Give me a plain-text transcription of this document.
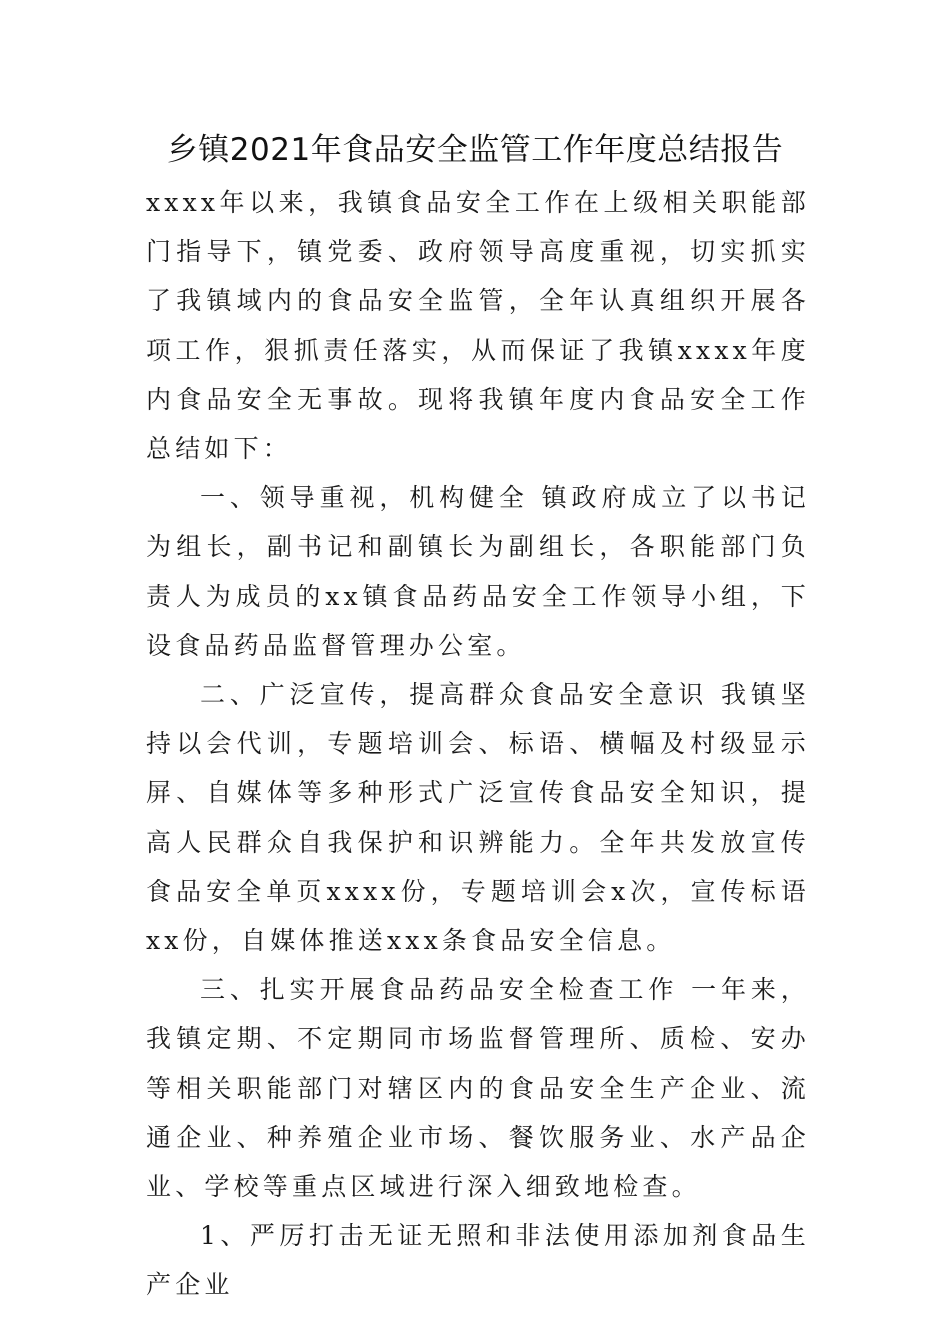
乡镇2021年食品安全监管工作年度总结报告

xxxx年以来，我镇食品安全工作在上级相关职能部门指导下，镇党委、政府领导高度重视，切实抓实了我镇域内的食品安全监管，全年认真组织开展各项工作，狠抓责任落实，从而保证了我镇xxxx年度内食品安全无事故。现将我镇年度内食品安全工作总结如下：

一、领导重视，机构健全 镇政府成立了以书记为组长，副书记和副镇长为副组长，各职能部门负责人为成员的xx镇食品药品安全工作领导小组，下设食品药品监督管理办公室。

二、广泛宣传，提高群众食品安全意识 我镇坚持以会代训，专题培训会、标语、横幅及村级显示屏、自媒体等多种形式广泛宣传食品安全知识，提高人民群众自我保护和识辨能力。全年共发放宣传食品安全单页xxxx份，专题培训会x次，宣传标语xx份，自媒体推送xxx条食品安全信息。

三、扎实开展食品药品安全检查工作 一年来，我镇定期、不定期同市场监督管理所、质检、安办等相关职能部门对辖区内的食品安全生产企业、流通企业、种养殖企业市场、餐饮服务业、水产品企业、学校等重点区域进行深入细致地检查。

1、严厉打击无证无照和非法使用添加剂食品生产企业
